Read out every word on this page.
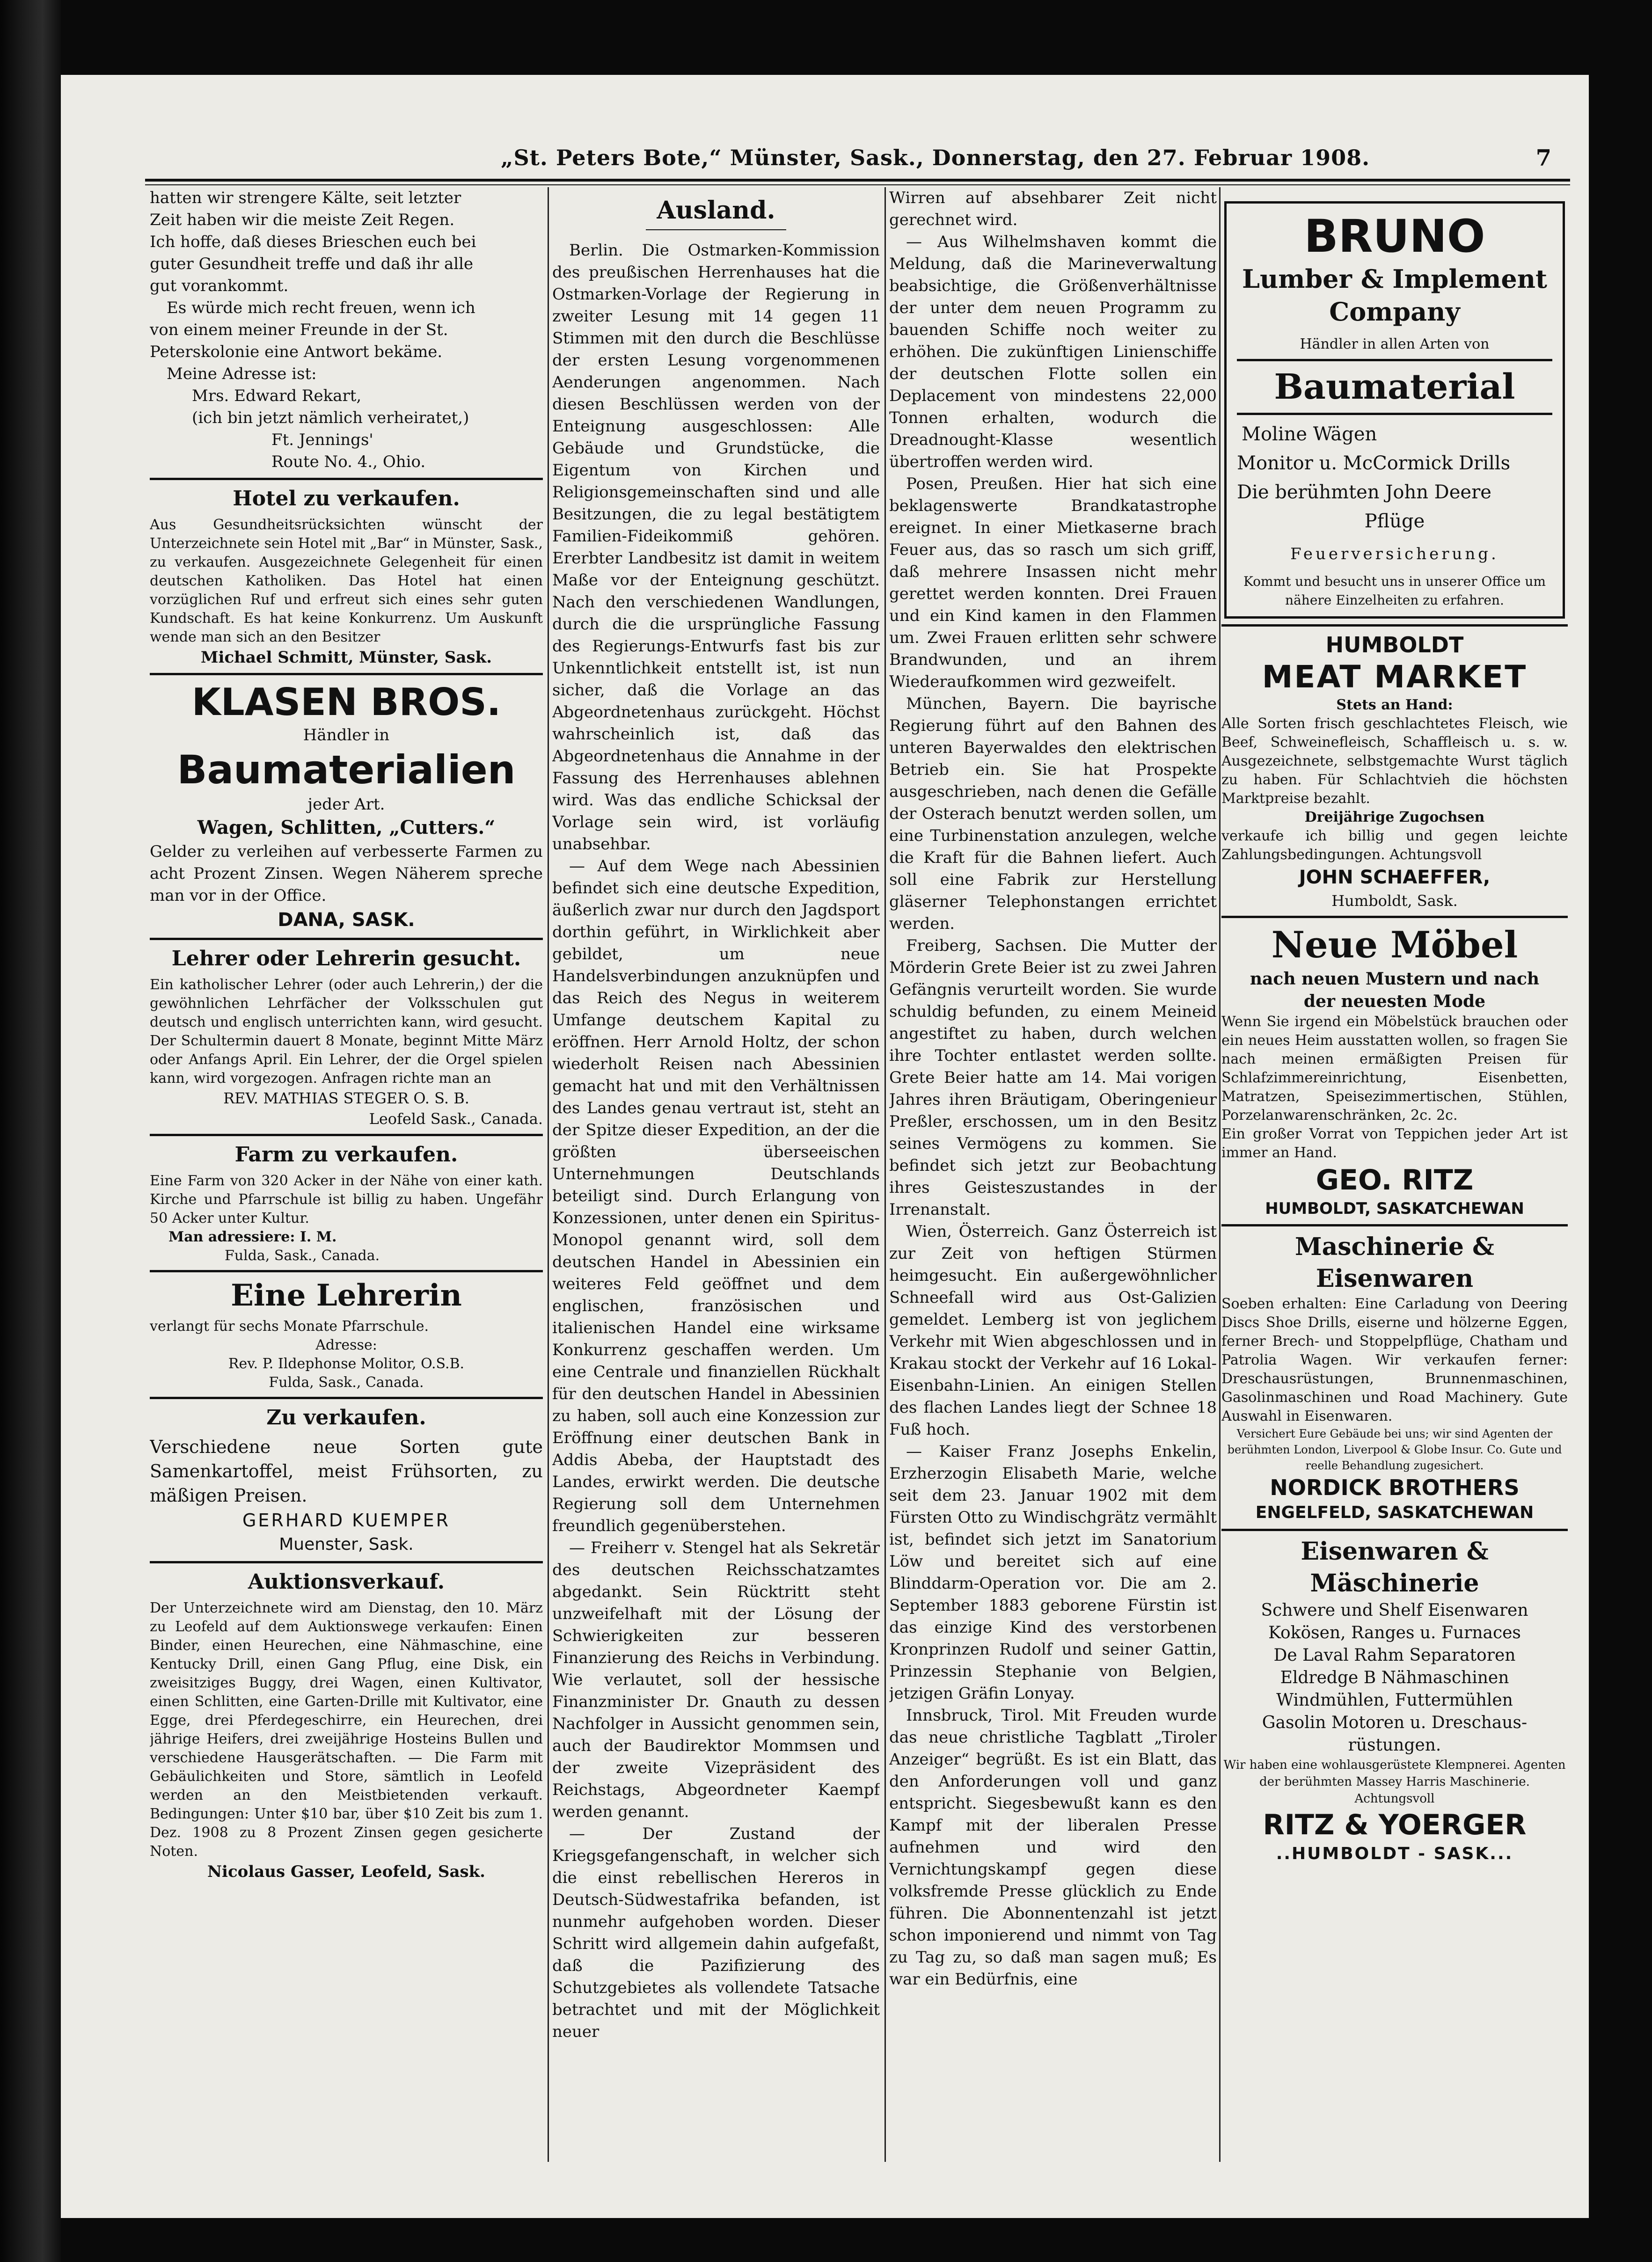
„St. Peters Bote,“ Münster, Sask., Donnerstag, den 27. Februar 1908.	7

hatten wir strengere Kälte, seit letzter

Zeit haben wir die meiste Zeit Regen.

Ich hoffe, daß dieses Brieschen euch bei

guter Gesundheit treffe und daß ihr alle

gut vorankommt.

Es würde mich recht freuen, wenn ich

von einem meiner Freunde in der St.

Peterskolonie eine Antwort bekäme.

Meine Adresse ist:

Mrs. Edward Rekart,

(ich bin jetzt nämlich verheiratet,)

Ft. Jennings'

Route No. 4., Ohio.

Hotel zu verkaufen.

Aus Gesundheitsrücksichten wünscht der Unterzeichnete sein Hotel mit „Bar“ in Münster, Sask., zu verkaufen. Ausgezeichnete Gelegenheit für einen deutschen Katholiken. Das Hotel hat einen vorzüglichen Ruf und erfreut sich eines sehr guten Kundschaft. Es hat keine Konkurrenz. Um Auskunft wende man sich an den Besitzer

Michael Schmitt, Münster, Sask.

KLASEN BROS.

Händler in

Baumaterialien

jeder Art.

Wagen, Schlitten, „Cutters.“

Gelder zu verleihen auf verbesserte Farmen zu acht Prozent Zinsen. Wegen Näherem spreche man vor in der Office.

DANA, SASK.

Lehrer oder Lehrerin gesucht.

Ein katholischer Lehrer (oder auch Lehrerin,) der die gewöhnlichen Lehrfächer der Volksschulen gut deutsch und englisch unterrichten kann, wird gesucht. Der Schultermin dauert 8 Monate, beginnt Mitte März oder Anfangs April. Ein Lehrer, der die Orgel spielen kann, wird vorgezogen. Anfragen richte man an

REV. MATHIAS STEGER O. S. B.

Leofeld Sask., Canada.

Farm zu verkaufen.

Eine Farm von 320 Acker in der Nähe von einer kath. Kirche und Pfarrschule ist billig zu haben. Ungefähr 50 Acker unter Kultur.

Man adressiere: I. M.

Fulda, Sask., Canada.

Eine Lehrerin

verlangt für sechs Monate Pfarrschule.

Adresse:

Rev. P. Ildephonse Molitor, O.S.B.

Fulda, Sask., Canada.

Zu verkaufen.

Verschiedene neue Sorten gute Samenkartoffel, meist Frühsorten, zu mäßigen Preisen.

GERHARD KUEMPER

Muenster, Sask.

Auktionsverkauf.

Der Unterzeichnete wird am Dienstag, den 10. März zu Leofeld auf dem Auktionswege verkaufen: Einen Binder, einen Heurechen, eine Nähmaschine, eine Kentucky Drill, einen Gang Pflug, eine Disk, ein zweisitziges Buggy, drei Wagen, einen Kultivator, einen Schlitten, eine Garten-Drille mit Kultivator, eine Egge, drei Pferdegeschirre, ein Heurechen, drei jährige Heifers, drei zweijährige Hosteins Bullen und verschiedene Hausgerätschaften. — Die Farm mit Gebäulichkeiten und Store, sämtlich in Leofeld werden an den Meistbietenden verkauft. Bedingungen: Unter $10 bar, über $10 Zeit bis zum 1. Dez. 1908 zu 8 Prozent Zinsen gegen gesicherte Noten.

Nicolaus Gasser, Leofeld, Sask.

Ausland.

Berlin. Die Ostmarken-Kommission des preußischen Herrenhauses hat die Ostmarken-Vorlage der Regierung in zweiter Lesung mit 14 gegen 11 Stimmen mit den durch die Beschlüsse der ersten Lesung vorgenommenen Aenderungen angenommen. Nach diesen Beschlüssen werden von der Enteignung ausgeschlossen: Alle Gebäude und Grundstücke, die Eigentum von Kirchen und Religionsgemeinschaften sind und alle Besitzungen, die zu legal bestätigtem Familien-Fideikommiß gehören. Ererbter Landbesitz ist damit in weitem Maße vor der Enteignung geschützt. Nach den verschiedenen Wandlungen, durch die die ursprüngliche Fassung des Regierungs-Entwurfs fast bis zur Unkenntlichkeit entstellt ist, ist nun sicher, daß die Vorlage an das Abgeordnetenhaus zurückgeht. Höchst wahrscheinlich ist, daß das Abgeordnetenhaus die Annahme in der Fassung des Herrenhauses ablehnen wird. Was das endliche Schicksal der Vorlage sein wird, ist vorläufig unabsehbar.

— Auf dem Wege nach Abessinien befindet sich eine deutsche Expedition, äußerlich zwar nur durch den Jagdsport dorthin geführt, in Wirklichkeit aber gebildet, um neue Handelsverbindungen anzuknüpfen und das Reich des Negus in weiterem Umfange deutschem Kapital zu eröffnen. Herr Arnold Holtz, der schon wiederholt Reisen nach Abessinien gemacht hat und mit den Verhältnissen des Landes genau vertraut ist, steht an der Spitze dieser Expedition, an der die größten überseeischen Unternehmungen Deutschlands beteiligt sind. Durch Erlangung von Konzessionen, unter denen ein Spiritus-Monopol genannt wird, soll dem deutschen Handel in Abessinien ein weiteres Feld geöffnet und dem englischen, französischen und italienischen Handel eine wirksame Konkurrenz geschaffen werden. Um eine Centrale und finanziellen Rückhalt für den deutschen Handel in Abessinien zu haben, soll auch eine Konzession zur Eröffnung einer deutschen Bank in Addis Abeba, der Hauptstadt des Landes, erwirkt werden. Die deutsche Regierung soll dem Unternehmen freundlich gegenüberstehen.

— Freiherr v. Stengel hat als Sekretär des deutschen Reichsschatzamtes abgedankt. Sein Rücktritt steht unzweifelhaft mit der Lösung der Schwierigkeiten zur besseren Finanzierung des Reichs in Verbindung. Wie verlautet, soll der hessische Finanzminister Dr. Gnauth zu dessen Nachfolger in Aussicht genommen sein, auch der Baudirektor Mommsen und der zweite Vizepräsident des Reichstags, Abgeordneter Kaempf werden genannt.

— Der Zustand der Kriegsgefangenschaft, in welcher sich die einst rebellischen Hereros in Deutsch-Südwestafrika befanden, ist nunmehr aufgehoben worden. Dieser Schritt wird allgemein dahin aufgefaßt, daß die Pazifizierung des Schutzgebietes als vollendete Tatsache betrachtet und mit der Möglichkeit neuer

Wirren auf absehbarer Zeit nicht gerechnet wird.

— Aus Wilhelmshaven kommt die Meldung, daß die Marineverwaltung beabsichtige, die Größenverhältnisse der unter dem neuen Programm zu bauenden Schiffe noch weiter zu erhöhen. Die zukünftigen Linienschiffe der deutschen Flotte sollen ein Deplacement von mindestens 22,000 Tonnen erhalten, wodurch die Dreadnought-Klasse wesentlich übertroffen werden wird.

Posen, Preußen. Hier hat sich eine beklagenswerte Brandkatastrophe ereignet. In einer Mietkaserne brach Feuer aus, das so rasch um sich griff, daß mehrere Insassen nicht mehr gerettet werden konnten. Drei Frauen und ein Kind kamen in den Flammen um. Zwei Frauen erlitten sehr schwere Brandwunden, und an ihrem Wiederaufkommen wird gezweifelt.

München, Bayern. Die bayrische Regierung führt auf den Bahnen des unteren Bayerwaldes den elektrischen Betrieb ein. Sie hat Prospekte ausgeschrieben, nach denen die Gefälle der Osterach benutzt werden sollen, um eine Turbinenstation anzulegen, welche die Kraft für die Bahnen liefert. Auch soll eine Fabrik zur Herstellung gläserner Telephonstangen errichtet werden.

Freiberg, Sachsen. Die Mutter der Mörderin Grete Beier ist zu zwei Jahren Gefängnis verurteilt worden. Sie wurde schuldig befunden, zu einem Meineid angestiftet zu haben, durch welchen ihre Tochter entlastet werden sollte. Grete Beier hatte am 14. Mai vorigen Jahres ihren Bräutigam, Oberingenieur Preßler, erschossen, um in den Besitz seines Vermögens zu kommen. Sie befindet sich jetzt zur Beobachtung ihres Geisteszustandes in der Irrenanstalt.

Wien, Österreich. Ganz Österreich ist zur Zeit von heftigen Stürmen heimgesucht. Ein außergewöhnlicher Schneefall wird aus Ost-Galizien gemeldet. Lemberg ist von jeglichem Verkehr mit Wien abgeschlossen und in Krakau stockt der Verkehr auf 16 Lokal-Eisenbahn-Linien. An einigen Stellen des flachen Landes liegt der Schnee 18 Fuß hoch.

— Kaiser Franz Josephs Enkelin, Erzherzogin Elisabeth Marie, welche seit dem 23. Januar 1902 mit dem Fürsten Otto zu Windischgrätz vermählt ist, befindet sich jetzt im Sanatorium Löw und bereitet sich auf eine Blinddarm-Operation vor. Die am 2. September 1883 geborene Fürstin ist das einzige Kind des verstorbenen Kronprinzen Rudolf und seiner Gattin, Prinzessin Stephanie von Belgien, jetzigen Gräfin Lonyay.

Innsbruck, Tirol. Mit Freuden wurde das neue christliche Tagblatt „Tiroler Anzeiger“ begrüßt. Es ist ein Blatt, das den Anforderungen voll und ganz entspricht. Siegesbewußt kann es den Kampf mit der liberalen Presse aufnehmen und wird den Vernichtungskampf gegen diese volksfremde Presse glücklich zu Ende führen. Die Abonnentenzahl ist jetzt schon imponierend und nimmt von Tag zu Tag zu, so daß man sagen muß; Es war ein Bedürfnis, eine

BRUNO

Lumber & Implement

Company

Händler in allen Arten von

Baumaterial

Moline Wägen

Monitor u. McCormick Drills

Die berühmten John Deere

Pflüge

Feuerversicherung.

Kommt und besucht uns in unserer Office um nähere Einzelheiten zu erfahren.

HUMBOLDT

MEAT MARKET

Stets an Hand:

Alle Sorten frisch geschlachtetes Fleisch, wie Beef, Schweinefleisch, Schaffleisch u. s. w. Ausgezeichnete, selbstgemachte Wurst täglich zu haben. Für Schlachtvieh die höchsten Marktpreise bezahlt.

Dreijährige Zugochsen

verkaufe ich billig und gegen leichte Zahlungsbedingungen. Achtungsvoll

JOHN SCHAEFFER,

Humboldt, Sask.

Neue Möbel

nach neuen Mustern und nach

der neuesten Mode

Wenn Sie irgend ein Möbelstück brauchen oder ein neues Heim ausstatten wollen, so fragen Sie nach meinen ermäßigten Preisen für Schlafzimmereinrichtung, Eisenbetten, Matratzen, Speisezimmertischen, Stühlen, Porzelanwarenschränken, 2c. 2c.

Ein großer Vorrat von Teppichen jeder Art ist immer an Hand.

GEO. RITZ

HUMBOLDT, SASKATCHEWAN

Maschinerie & Eisenwaren

Soeben erhalten: Eine Carladung von Deering Discs Shoe Drills, eiserne und hölzerne Eggen, ferner Brech- und Stoppelpflüge, Chatham und Patrolia Wagen. Wir verkaufen ferner: Dreschausrüstungen, Brunnenmaschinen, Gasolinmaschinen und Road Machinery. Gute Auswahl in Eisenwaren.

Versichert Eure Gebäude bei uns; wir sind Agenten der berühmten London, Liverpool & Globe Insur. Co. Gute und reelle Behandlung zugesichert.

NORDICK BROTHERS

ENGELFELD, SASKATCHEWAN

Eisenwaren & Mäschinerie

Schwere und Shelf Eisenwaren

Kokösen, Ranges u. Furnaces

De Laval Rahm Separatoren

Eldredge B Nähmaschinen

Windmühlen, Futtermühlen

Gasolin Motoren u. Dreschaus-

rüstungen.

Wir haben eine wohlausgerüstete Klempnerei. Agenten der berühmten Massey Harris Maschinerie. Achtungsvoll

RITZ & YOERGER

..HUMBOLDT - SASK...
